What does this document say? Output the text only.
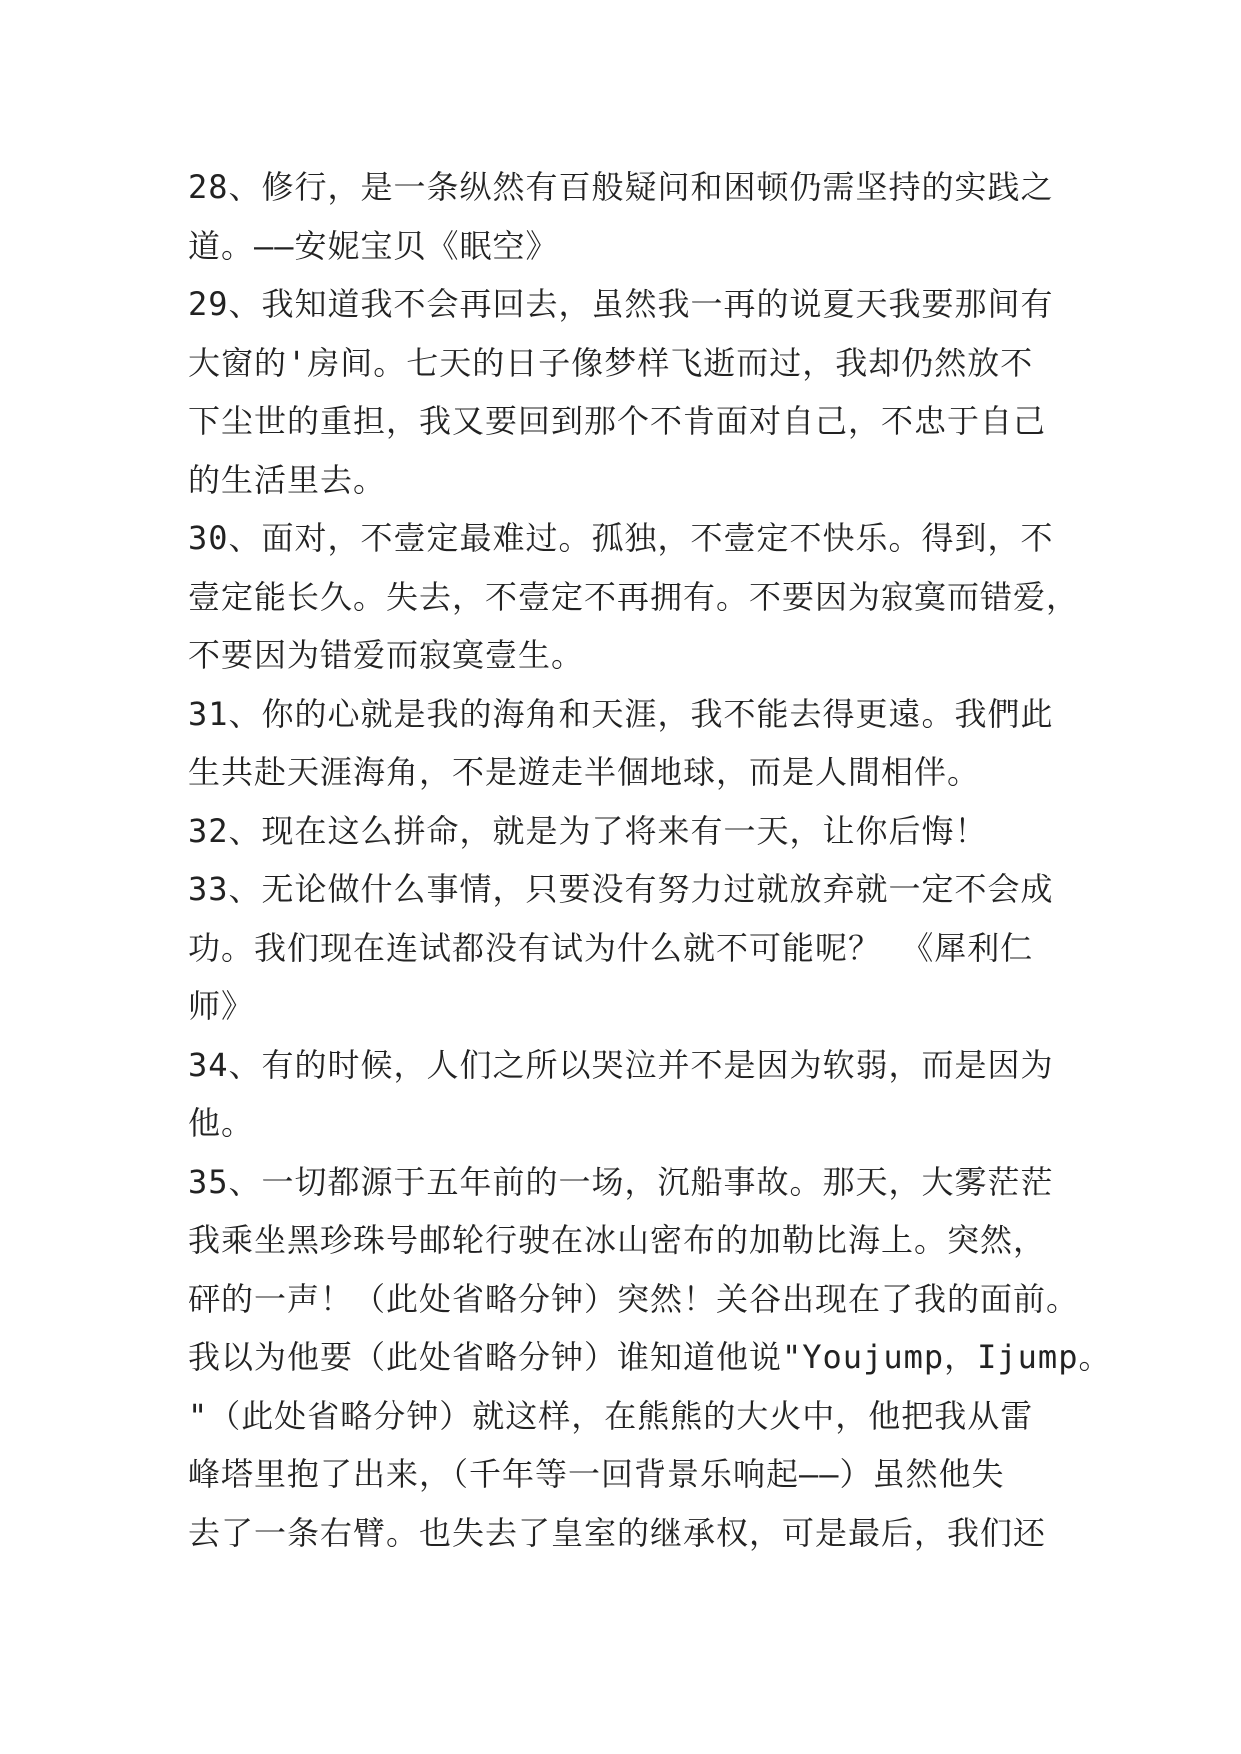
28、修行，是一条纵然有百般疑问和困顿仍需坚持的实践之
道。——安妮宝贝《眠空》
29、我知道我不会再回去，虽然我一再的说夏天我要那间有
大窗的'房间。七天的日子像梦样飞逝而过，我却仍然放不
下尘世的重担，我又要回到那个不肯面对自己，不忠于自己
的生活里去。
30、面对，不壹定最难过。孤独，不壹定不快乐。得到，不
壹定能长久。失去，不壹定不再拥有。不要因为寂寞而错爱，
不要因为错爱而寂寞壹生。
31、你的心就是我的海角和天涯，我不能去得更遠。我們此
生共赴天涯海角，不是遊走半個地球，而是人間相伴。
32、现在这么拼命，就是为了将来有一天，让你后悔！
33、无论做什么事情，只要没有努力过就放弃就一定不会成
功。我们现在连试都没有试为什么就不可能呢？ 《犀利仁
师》
34、有的时候，人们之所以哭泣并不是因为软弱，而是因为
他。
35、一切都源于五年前的一场，沉船事故。那天，大雾茫茫
我乘坐黑珍珠号邮轮行驶在冰山密布的加勒比海上。突然，
砰的一声！（此处省略分钟）突然！关谷出现在了我的面前。
我以为他要（此处省略分钟）谁知道他说"Youjump，Ijump。
"（此处省略分钟）就这样，在熊熊的大火中，他把我从雷
峰塔里抱了出来，（千年等一回背景乐响起——）虽然他失
去了一条右臂。也失去了皇室的继承权，可是最后，我们还
